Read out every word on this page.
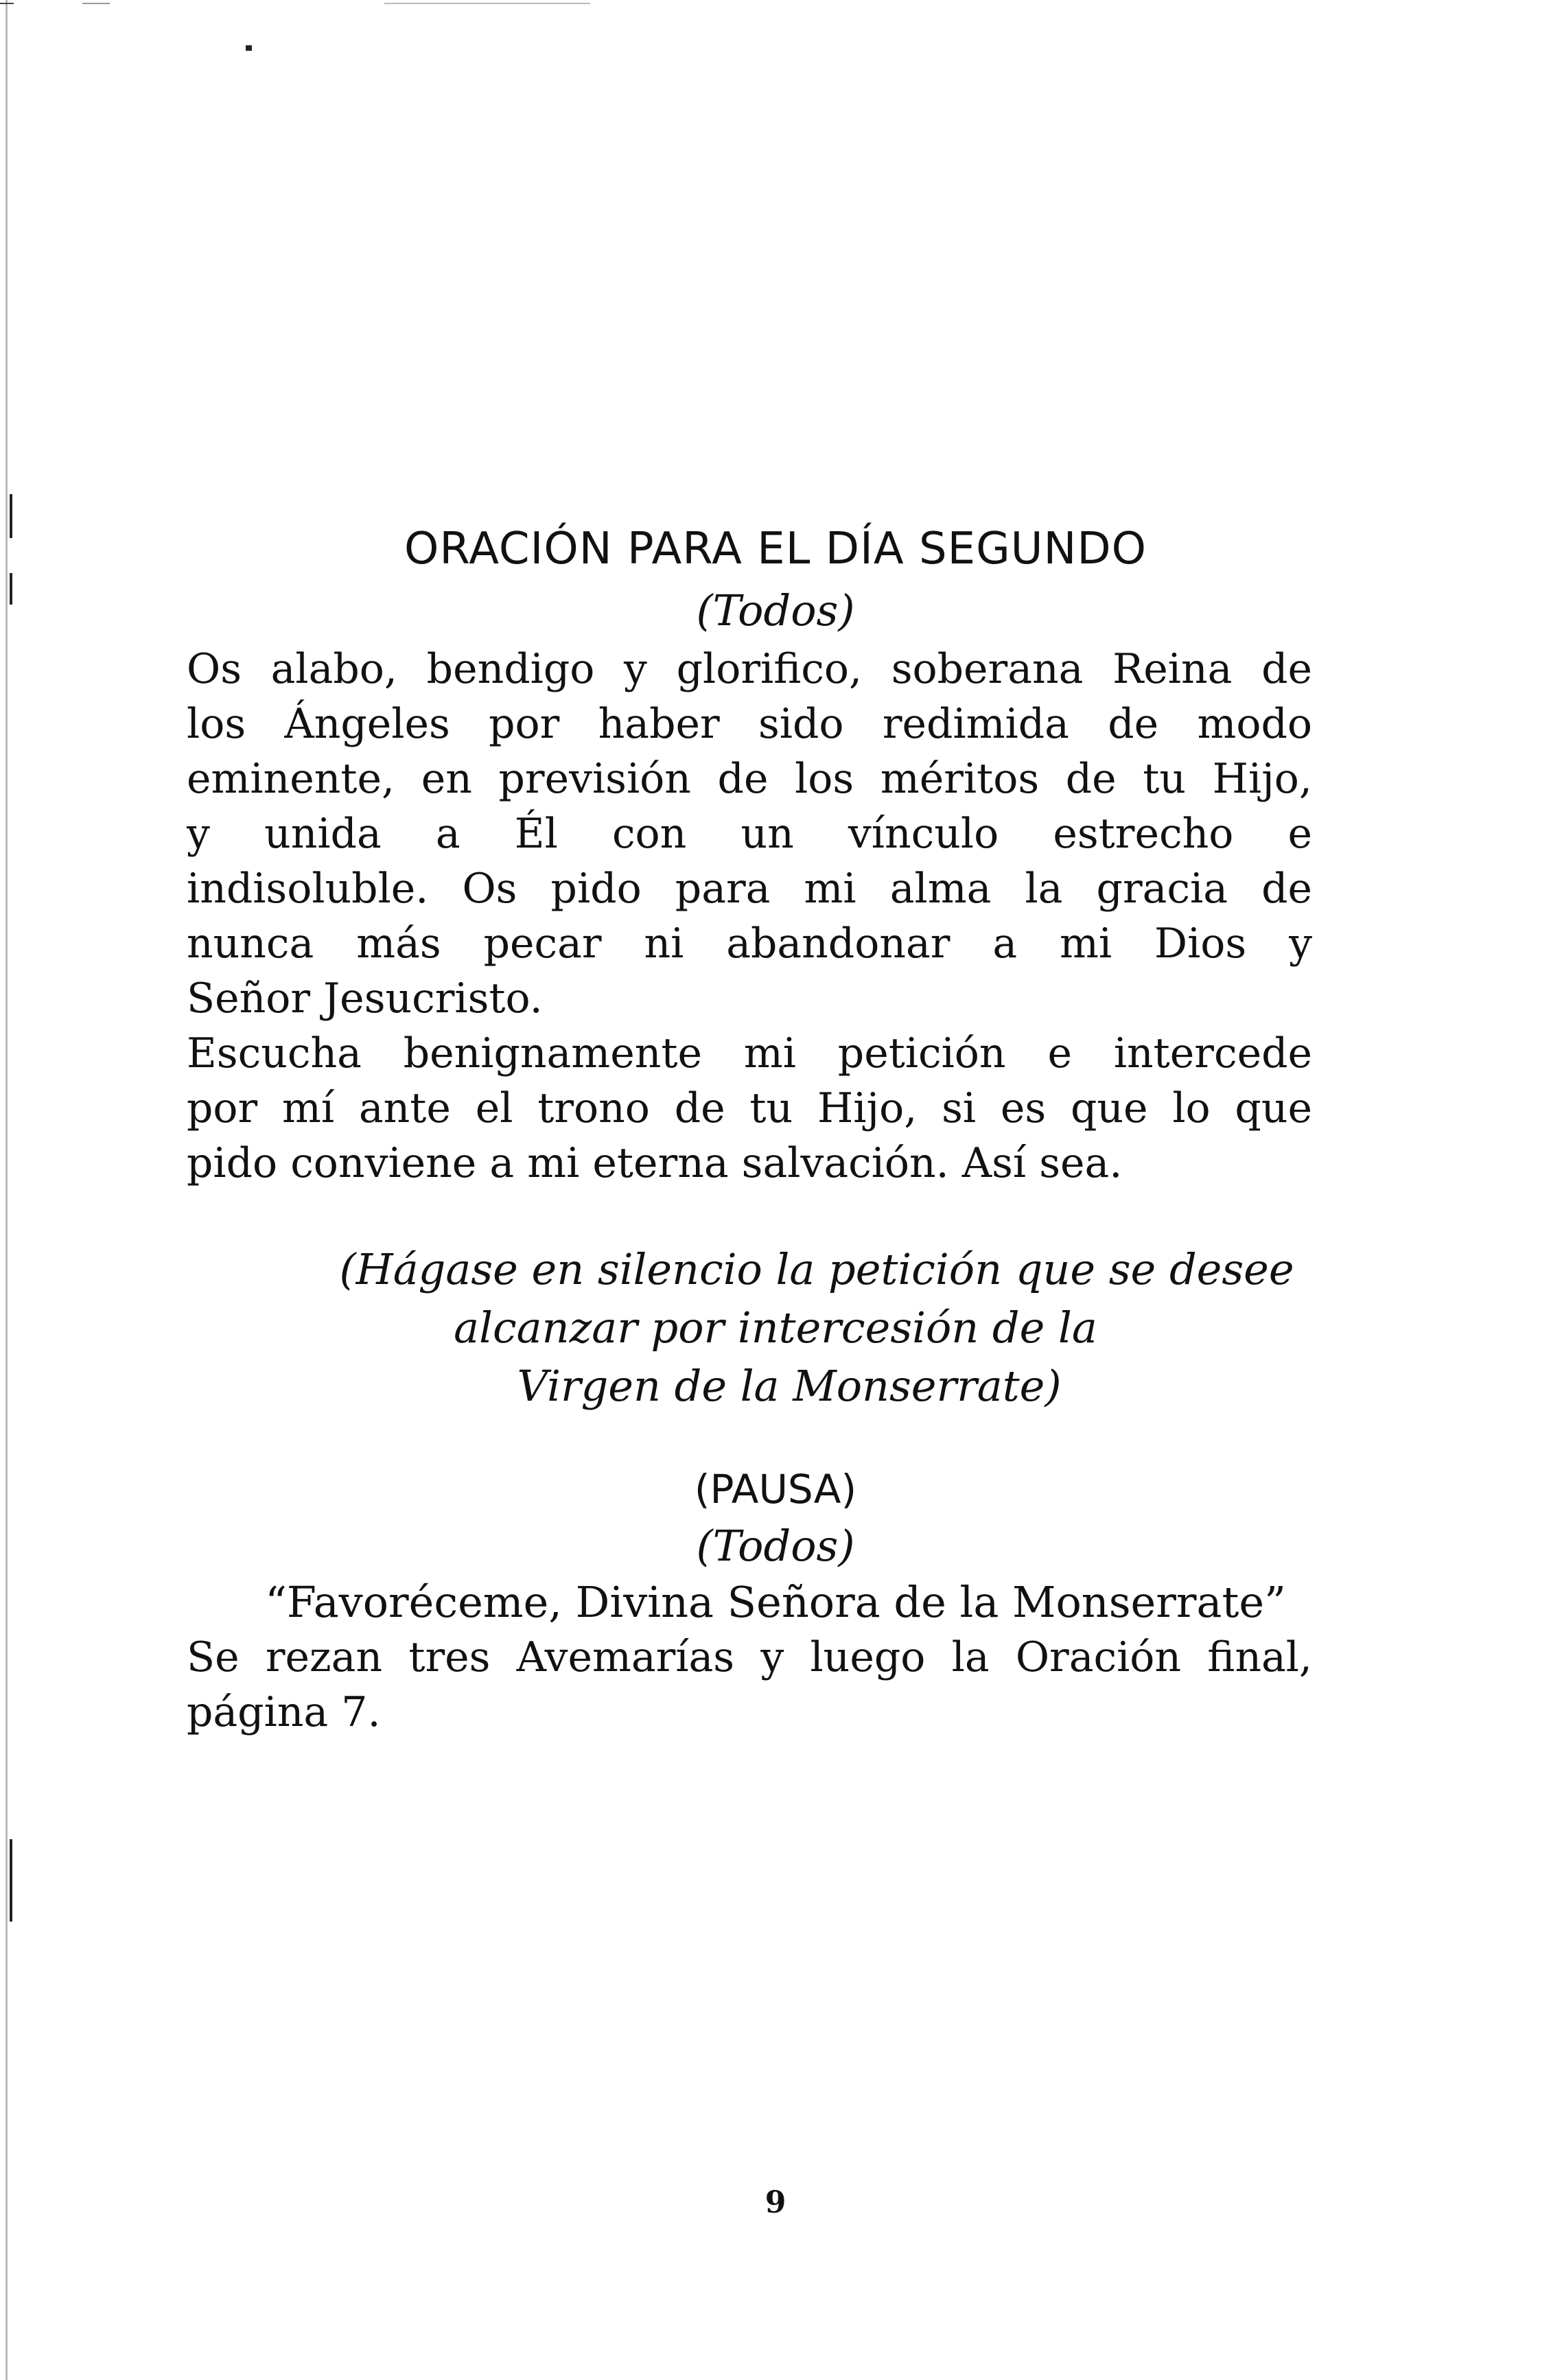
ORACIÓN PARA EL DÍA SEGUNDO
(Todos)
Os alabo, bendigo y glorifico, soberana Reina de
los Ángeles por haber sido redimida de modo
eminente, en previsión de los méritos de tu Hijo,
y unida a Él con un vínculo estrecho e
indisoluble. Os pido para mi alma la gracia de
nunca más pecar ni abandonar a mi Dios y
Señor Jesucristo.
Escucha benignamente mi petición e intercede
por mí ante el trono de tu Hijo, si es que lo que
pido conviene a mi eterna salvación. Así sea.
(Hágase en silencio la petición que se desee
alcanzar por intercesión de la
Virgen de la Monserrate)
(PAUSA)
(Todos)
“Favoréceme, Divina Señora de la Monserrate”
Se rezan tres Avemarías y luego la Oración final,
página 7.
9
